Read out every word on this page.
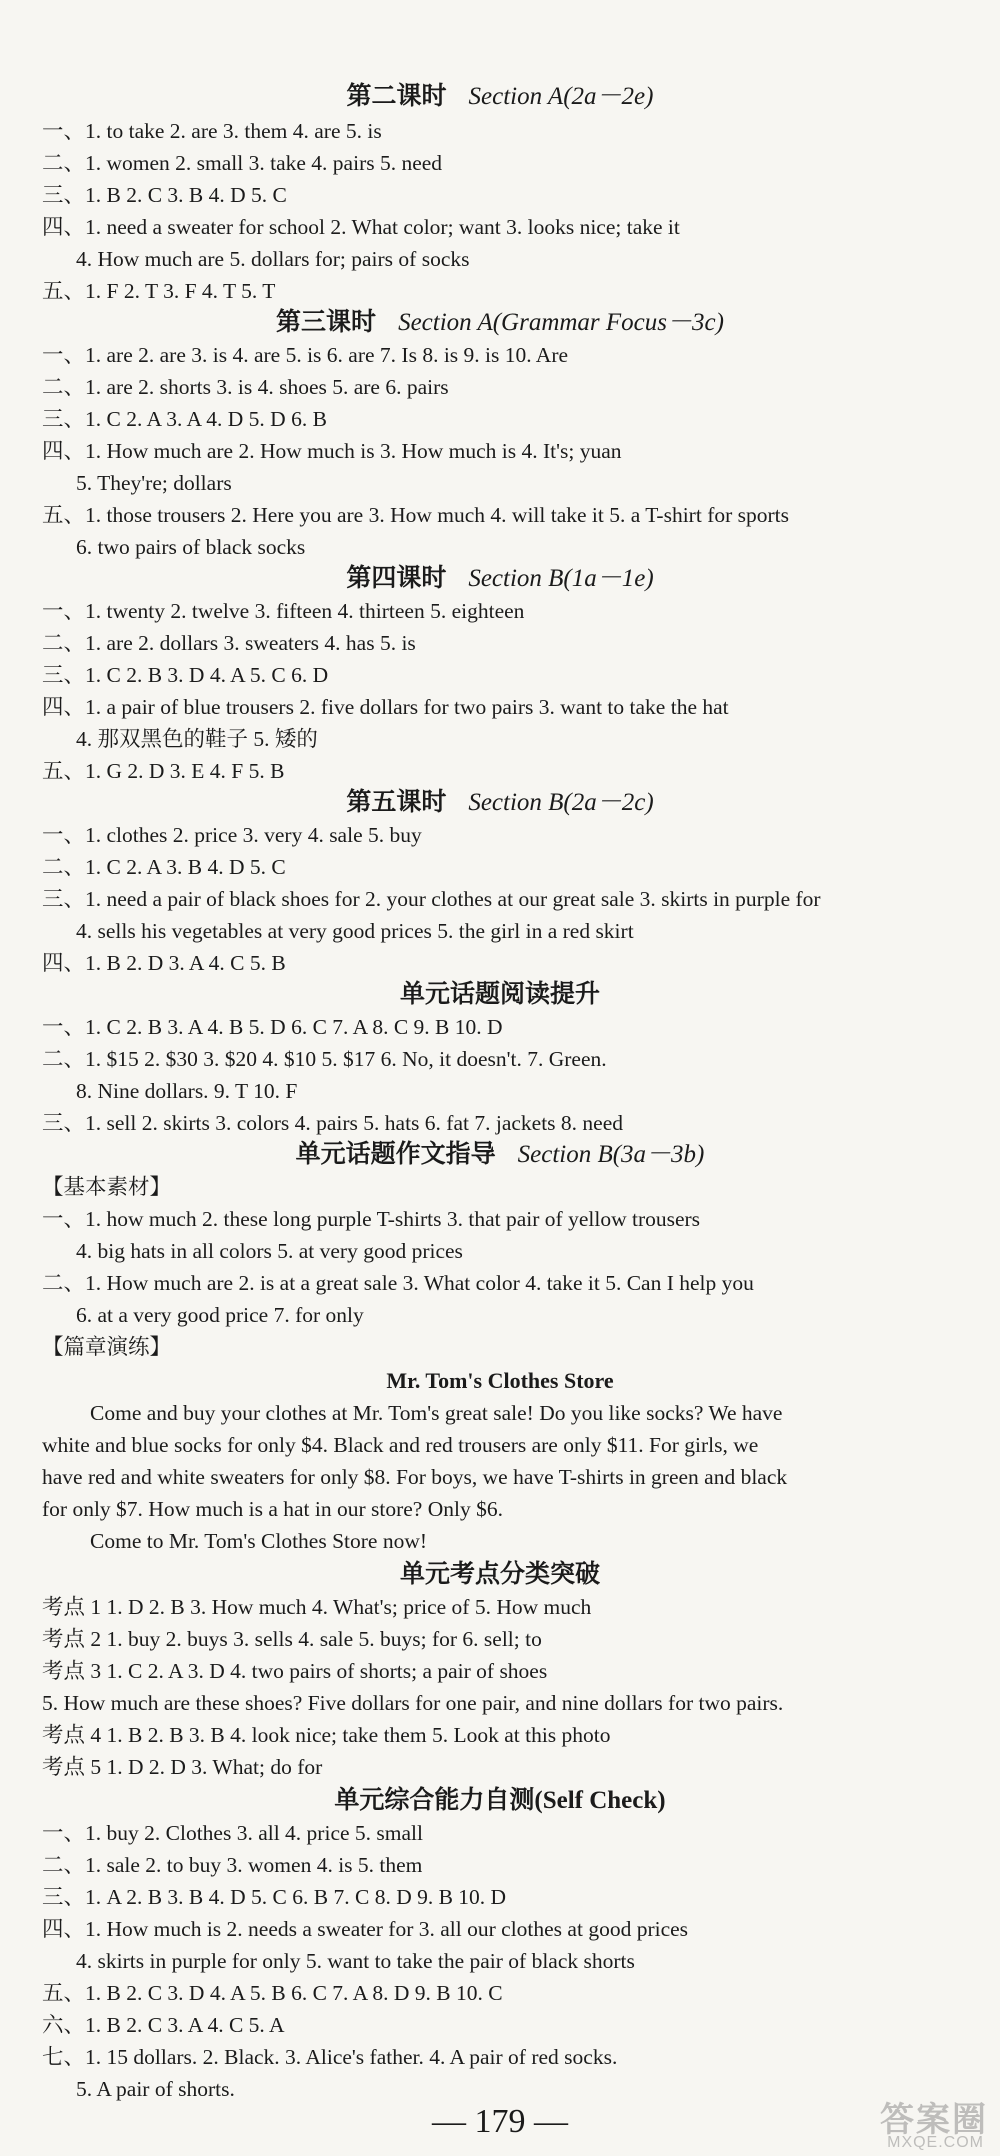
第二课时 Section A(2a－2e)
一、1. to take 2. are 3. them 4. are 5. is
二、1. women 2. small 3. take 4. pairs 5. need
三、1. B 2. C 3. B 4. D 5. C
四、1. need a sweater for school 2. What color; want 3. looks nice; take it
4. How much are 5. dollars for; pairs of socks
五、1. F 2. T 3. F 4. T 5. T
第三课时 Section A(Grammar Focus－3c)
一、1. are 2. are 3. is 4. are 5. is 6. are 7. Is 8. is 9. is 10. Are
二、1. are 2. shorts 3. is 4. shoes 5. are 6. pairs
三、1. C 2. A 3. A 4. D 5. D 6. B
四、1. How much are 2. How much is 3. How much is 4. It's; yuan
5. They're; dollars
五、1. those trousers 2. Here you are 3. How much 4. will take it 5. a T-shirt for sports
6. two pairs of black socks
第四课时 Section B(1a－1e)
一、1. twenty 2. twelve 3. fifteen 4. thirteen 5. eighteen
二、1. are 2. dollars 3. sweaters 4. has 5. is
三、1. C 2. B 3. D 4. A 5. C 6. D
四、1. a pair of blue trousers 2. five dollars for two pairs 3. want to take the hat
4. 那双黑色的鞋子 5. 矮的
五、1. G 2. D 3. E 4. F 5. B
第五课时 Section B(2a－2c)
一、1. clothes 2. price 3. very 4. sale 5. buy
二、1. C 2. A 3. B 4. D 5. C
三、1. need a pair of black shoes for 2. your clothes at our great sale 3. skirts in purple for
4. sells his vegetables at very good prices 5. the girl in a red skirt
四、1. B 2. D 3. A 4. C 5. B
单元话题阅读提升
一、1. C 2. B 3. A 4. B 5. D 6. C 7. A 8. C 9. B 10. D
二、1. $15 2. $30 3. $20 4. $10 5. $17 6. No, it doesn't. 7. Green.
8. Nine dollars. 9. T 10. F
三、1. sell 2. skirts 3. colors 4. pairs 5. hats 6. fat 7. jackets 8. need
单元话题作文指导 Section B(3a－3b)
【基本素材】
一、1. how much 2. these long purple T-shirts 3. that pair of yellow trousers
4. big hats in all colors 5. at very good prices
二、1. How much are 2. is at a great sale 3. What color 4. take it 5. Can I help you
6. at a very good price 7. for only
【篇章演练】
Mr. Tom's Clothes Store
Come and buy your clothes at Mr. Tom's great sale! Do you like socks? We have
white and blue socks for only $4. Black and red trousers are only $11. For girls, we
have red and white sweaters for only $8. For boys, we have T-shirts in green and black
for only $7. How much is a hat in our store? Only $6.
Come to Mr. Tom's Clothes Store now!
单元考点分类突破
考点 1 1. D 2. B 3. How much 4. What's; price of 5. How much
考点 2 1. buy 2. buys 3. sells 4. sale 5. buys; for 6. sell; to
考点 3 1. C 2. A 3. D 4. two pairs of shorts; a pair of shoes
5. How much are these shoes? Five dollars for one pair, and nine dollars for two pairs.
考点 4 1. B 2. B 3. B 4. look nice; take them 5. Look at this photo
考点 5 1. D 2. D 3. What; do for
单元综合能力自测(Self Check)
一、1. buy 2. Clothes 3. all 4. price 5. small
二、1. sale 2. to buy 3. women 4. is 5. them
三、1. A 2. B 3. B 4. D 5. C 6. B 7. C 8. D 9. B 10. D
四、1. How much is 2. needs a sweater for 3. all our clothes at good prices
4. skirts in purple for only 5. want to take the pair of black shorts
五、1. B 2. C 3. D 4. A 5. B 6. C 7. A 8. D 9. B 10. C
六、1. B 2. C 3. A 4. C 5. A
七、1. 15 dollars. 2. Black. 3. Alice's father. 4. A pair of red socks.
5. A pair of shorts.
— 179 —	答案圈
MXQE.COM
